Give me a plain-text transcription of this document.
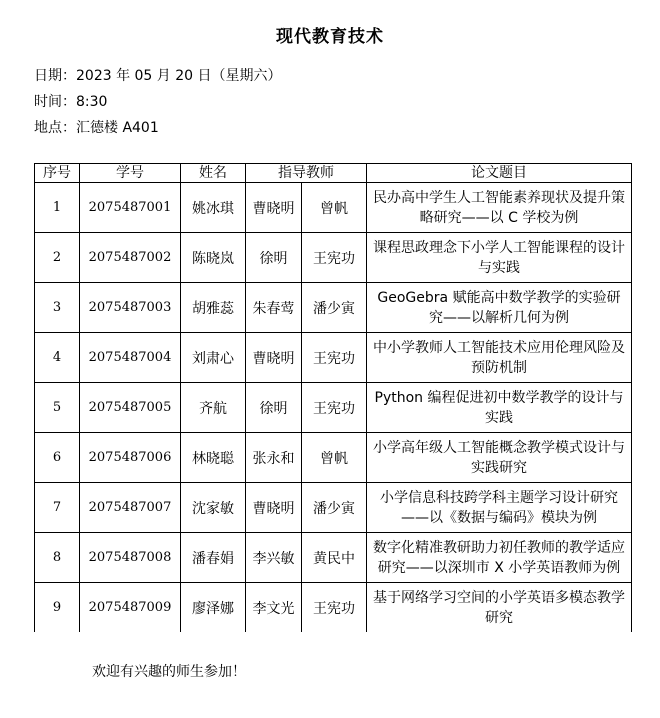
现代教育技术
日期：2023 年 05 月 20 日（星期六）
时间：8:30
地点：汇德楼 A401
序号	学号	姓名	指导教师		论文题目
1	2075487001	姚冰琪	曹晓明	曾帆	民办高中学生人工智能素养现状及提升策略研究——以 C 学校为例
2	2075487002	陈晓岚	徐明	王宪功	课程思政理念下小学人工智能课程的设计与实践
3	2075487003	胡雅蕊	朱春莺	潘少寅	GeoGebra 赋能高中数学教学的实验研究——以解析几何为例
4	2075487004	刘肃心	曹晓明	王宪功	中小学教师人工智能技术应用伦理风险及预防机制
5	2075487005	齐航	徐明	王宪功	Python 编程促进初中数学教学的设计与实践
6	2075487006	林晓聪	张永和	曾帆	小学高年级人工智能概念教学模式设计与实践研究
7	2075487007	沈家敏	曹晓明	潘少寅	小学信息科技跨学科主题学习设计研究——以《数据与编码》模块为例
8	2075487008	潘春娟	李兴敏	黄民中	数字化精准教研助力初任教师的教学适应研究——以深圳市 X 小学英语教师为例
9	2075487009	廖泽娜	李文光	王宪功	基于网络学习空间的小学英语多模态教学研究
欢迎有兴趣的师生参加！
